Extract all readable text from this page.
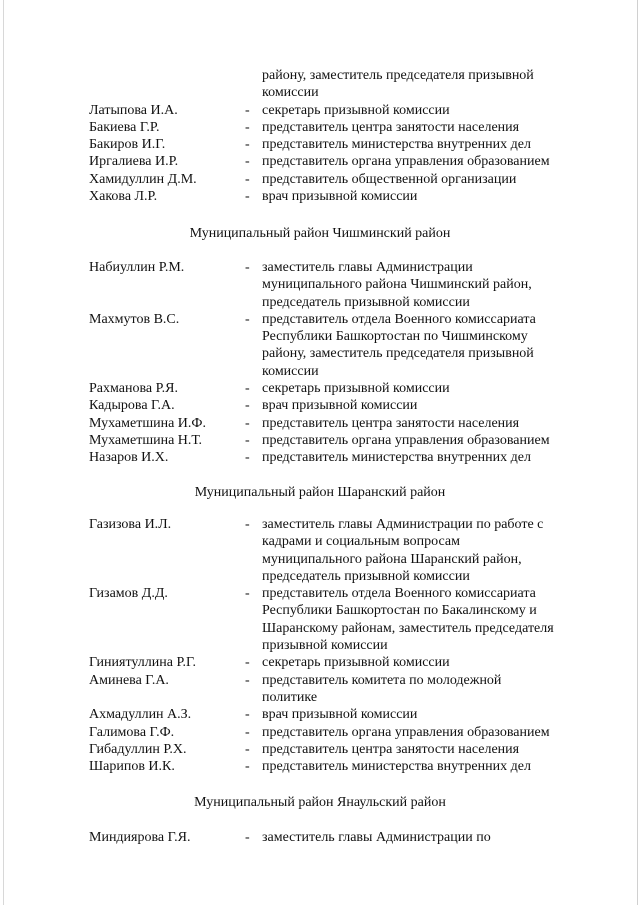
району, заместитель председателя призывной
комиссии
Латыпова И.А.	- секретарь призывной комиссии
Бакиева Г.Р.	- представитель центра занятости населения
Бакиров И.Г.	- представитель министерства внутренних дел
Иргалиева И.Р.	- представитель органа управления образованием
Хамидуллин Д.М.	- представитель общественной организации
Хакова Л.Р.	- врач призывной комиссии
Муниципальный район Чишминский район
Набиуллин Р.М.	- заместитель главы Администрации
муниципального района Чишминский район,
председатель призывной комиссии
Махмутов В.С.	- представитель отдела Военного комиссариата
Республики Башкортостан по Чишминскому
району, заместитель председателя призывной
комиссии
Рахманова Р.Я.	- секретарь призывной комиссии
Кадырова Г.А.	- врач призывной комиссии
Мухаметшина И.Ф.	- представитель центра занятости населения
Мухаметшина Н.Т.	- представитель органа управления образованием
Назаров И.Х.	- представитель министерства внутренних дел
Муниципальный район Шаранский район
Газизова И.Л.	- заместитель главы Администрации по работе с
кадрами и социальным вопросам
муниципального района Шаранский район,
председатель призывной комиссии
Гизамов Д.Д.	- представитель отдела Военного комиссариата
Республики Башкортостан по Бакалинскому и
Шаранскому районам, заместитель председателя
призывной комиссии
Гиниятуллина Р.Г.	- секретарь призывной комиссии
Аминева Г.А.	- представитель комитета по молодежной
политике
Ахмадуллин А.З.	- врач призывной комиссии
Галимова Г.Ф.	- представитель органа управления образованием
Гибадуллин Р.Х.	- представитель центра занятости населения
Шарипов И.К.	- представитель министерства внутренних дел
Муниципальный район Янаульский район
Миндиярова Г.Я.	- заместитель главы Администрации по
